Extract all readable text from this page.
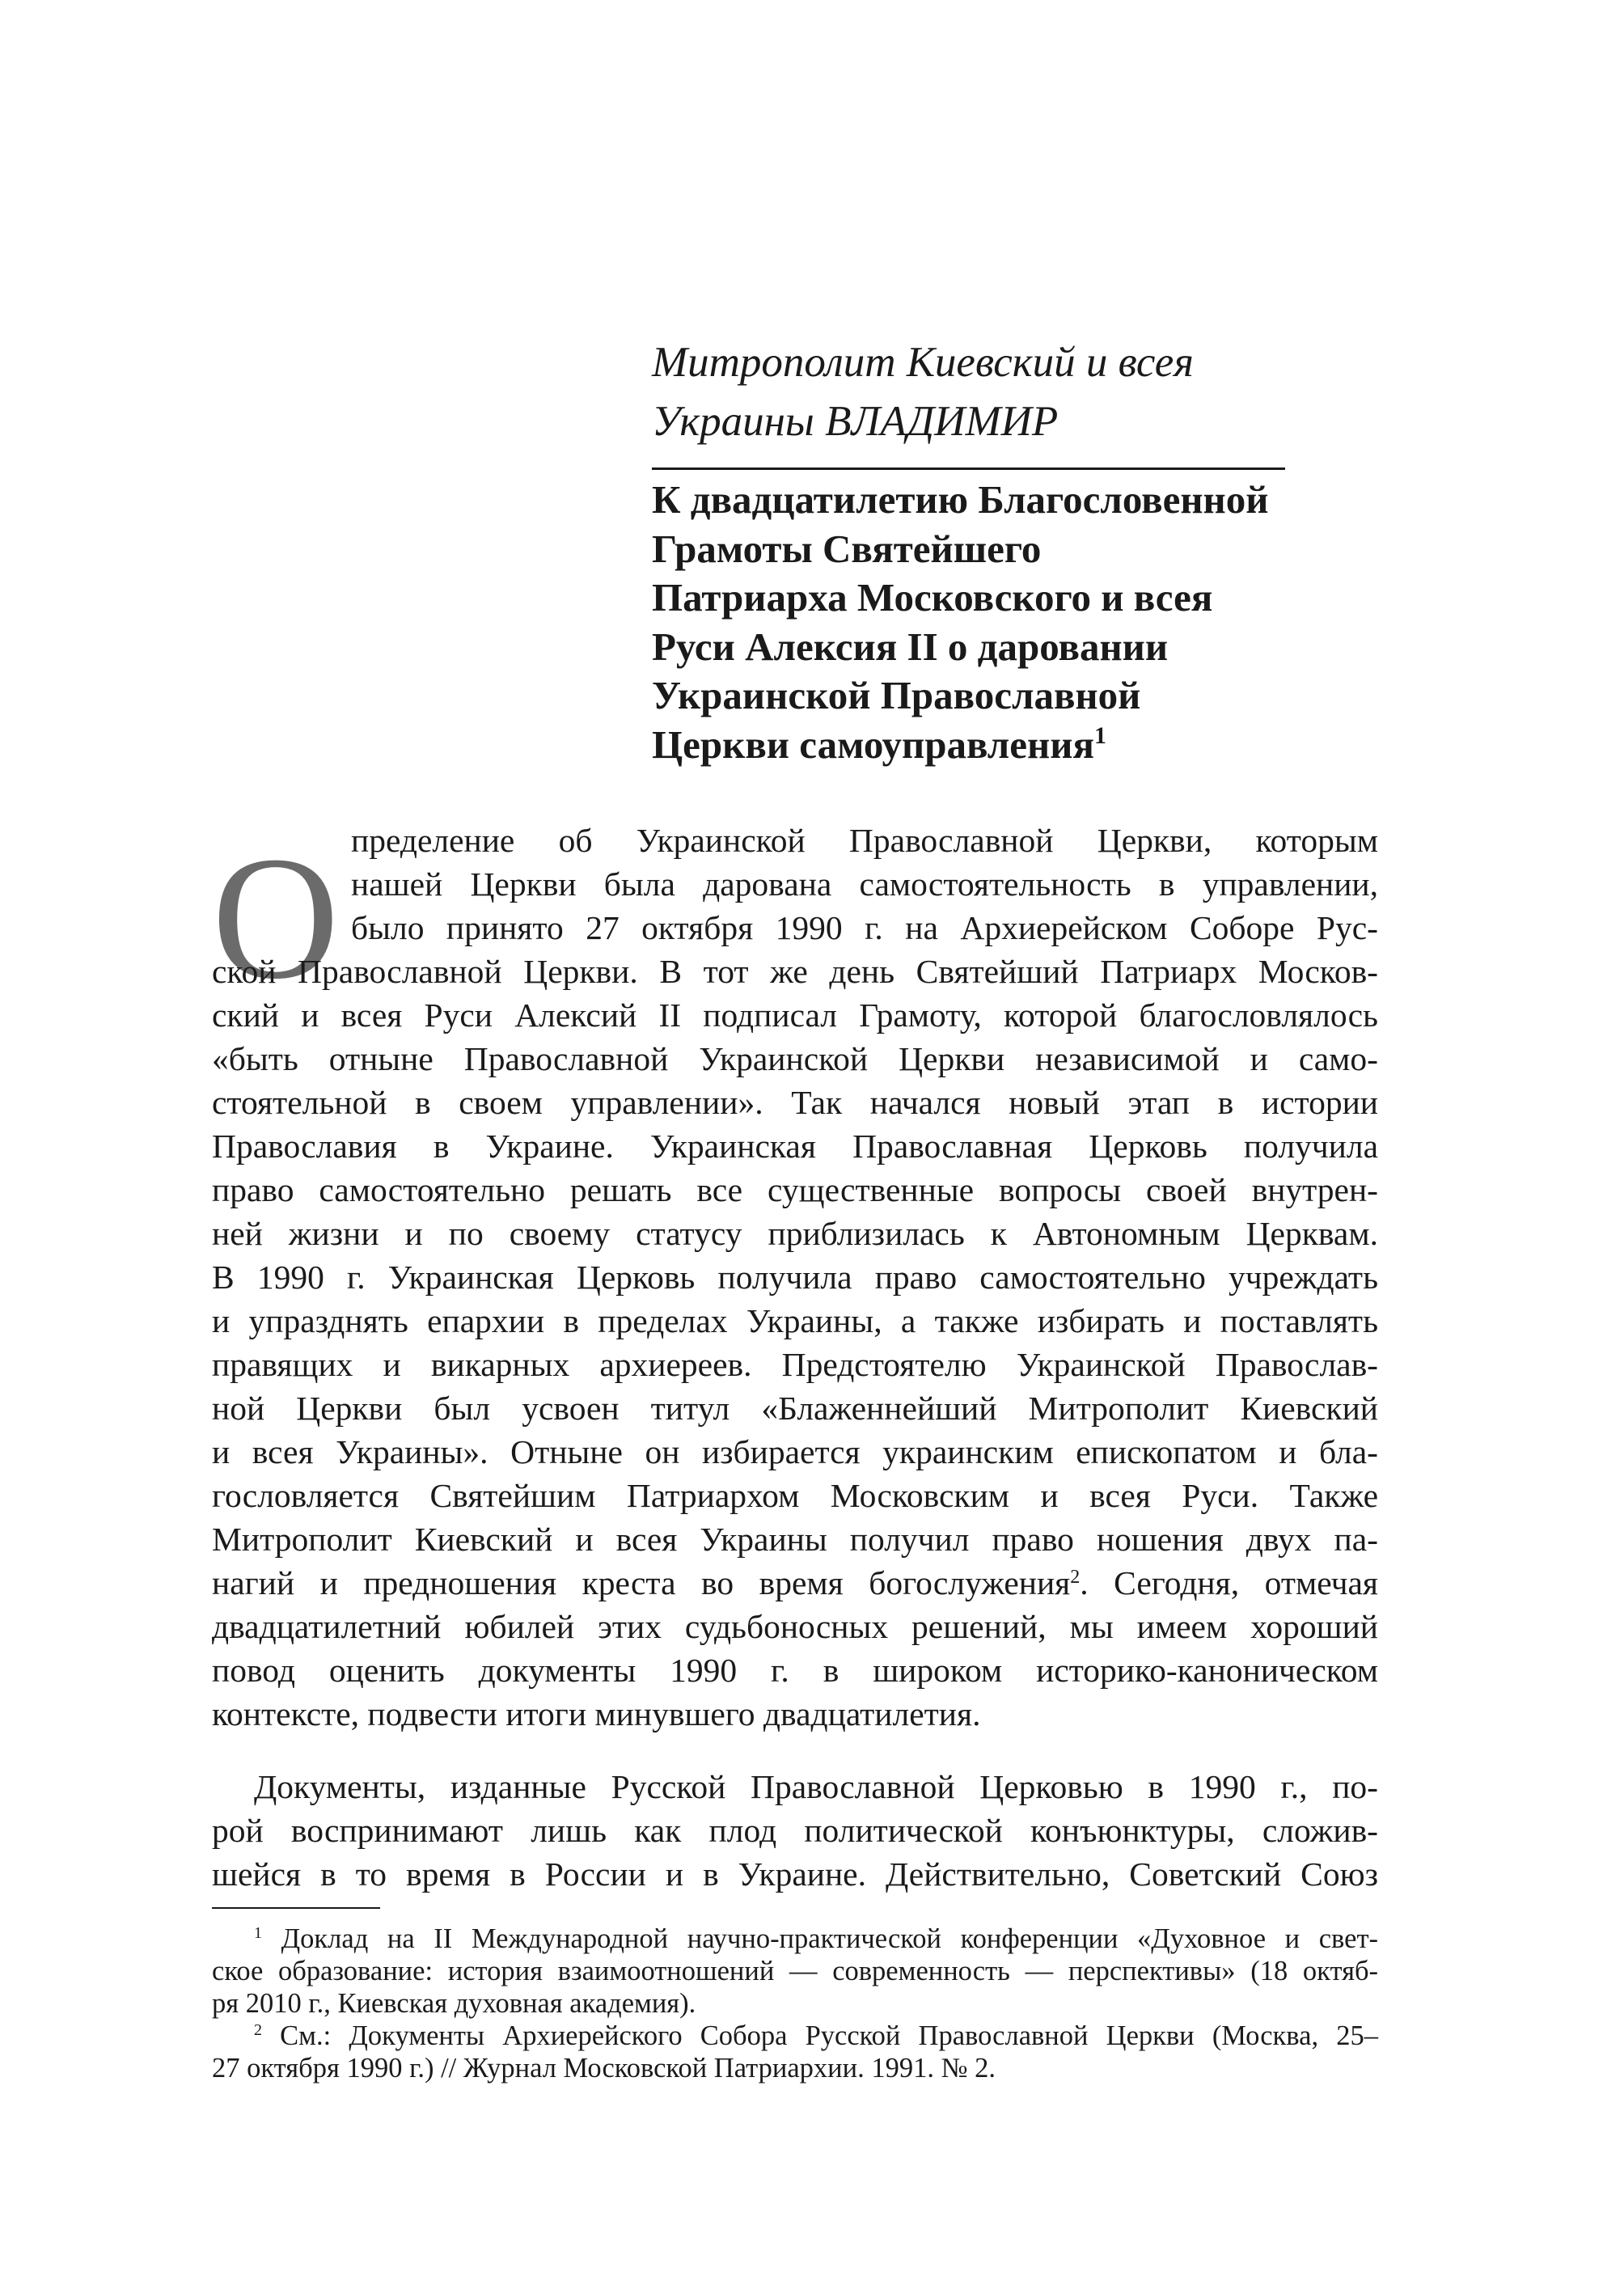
Митрополит Киевский и всея
Украины ВЛАДИМИР
К двадцатилетию Благословенной
Грамоты Святейшего
Патриарха Московского и всея
Руси Алексия II о даровании
Украинской Православной
Церкви самоуправления$^1$
О пределение об Украинской Православной Церкви, которым
нашей Церкви была дарована самостоятельность в управлении,
было принято 27 октября 1990 г. на Архиерейском Соборе Рус-
ской Православной Церкви. В тот же день Святейший Патриарх Москов-
ский и всея Руси Алексий II подписал Грамоту, которой благословлялось
«быть отныне Православной Украинской Церкви независимой и само-
стоятельной в своем управлении». Так начался новый этап в истории
Православия в Украине. Украинская Православная Церковь получила
право самостоятельно решать все существенные вопросы своей внутрен-
ней жизни и по своему статусу приблизилась к Автономным Церквам.
В 1990 г. Украинская Церковь получила право самостоятельно учреждать
и упразднять епархии в пределах Украины, а также избирать и поставлять
правящих и викарных архиереев. Предстоятелю Украинской Православ-
ной Церкви был усвоен титул «Блаженнейший Митрополит Киевский
и всея Украины». Отныне он избирается украинским епископатом и бла-
гословляется Святейшим Патриархом Московским и всея Руси. Также
Митрополит Киевский и всея Украины получил право ношения двух па-
нагий и предношения креста во время богослужения$^2$. Сегодня, отмечая
двадцатилетний юбилей этих судьбоносных решений, мы имеем хороший
повод оценить документы 1990 г. в широком историко-каноническом
контексте, подвести итоги минувшего двадцатилетия.
Документы, изданные Русской Православной Церковью в 1990 г., по-
рой воспринимают лишь как плод политической конъюнктуры, сложив-
шейся в то время в России и в Украине. Действительно, Советский Союз
$^1$ Доклад на II Международной научно-практической конференции «Духовное и свет-
ское образование: история взаимоотношений — современность — перспективы» (18 октяб-
ря 2010 г., Киевская духовная академия).
$^2$ См.: Документы Архиерейского Собора Русской Православной Церкви (Москва, 25–
27 октября 1990 г.) // Журнал Московской Патриархии. 1991. № 2.
